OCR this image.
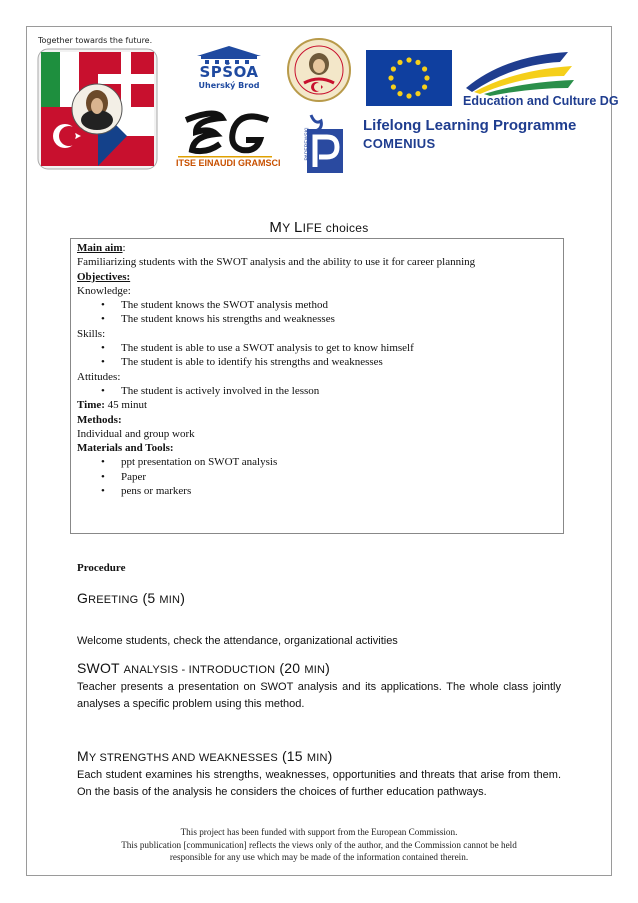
Together towards the future.
SPŠOA
Uherský Brod
Education and Culture DG
ITSE EINAUDI GRAMSCI
PADEREWSKI
Lifelong Learning Programme
COMENIUS
MY LIFE choices

Main aim:

Familiarizing students with the SWOT analysis and the ability to use it for career planning

Objectives:

Knowledge:

• The student knows the SWOT analysis method
• The student knows his strengths and weaknesses

Skills:

• The student is able to use a SWOT analysis to get to know himself
• The student is able to identify his strengths and weaknesses

Attitudes:

• The student is actively involved in the lesson

Time: 45 minut

Methods:

Individual and group work

Materials and Tools:

• ppt presentation on SWOT analysis
• Paper
• pens or markers
Procedure
GREETING (5 MIN)
Welcome students, check the attendance, organizational activities
SWOT ANALYSIS - INTRODUCTION (20 MIN)
Teacher presents a presentation on SWOT analysis and its applications. The whole class jointly analyses a specific problem using this method.
MY STRENGTHS AND WEAKNESSES (15 MIN)
Each student examines his strengths, weaknesses, opportunities and threats that arise from them. On the basis of the analysis he considers the choices of further education pathways.

This project has been funded with support from the European Commission.

This publication [communication] reflects the views only of the author, and the Commission cannot be held

responsible for any use which may be made of the information contained therein.
